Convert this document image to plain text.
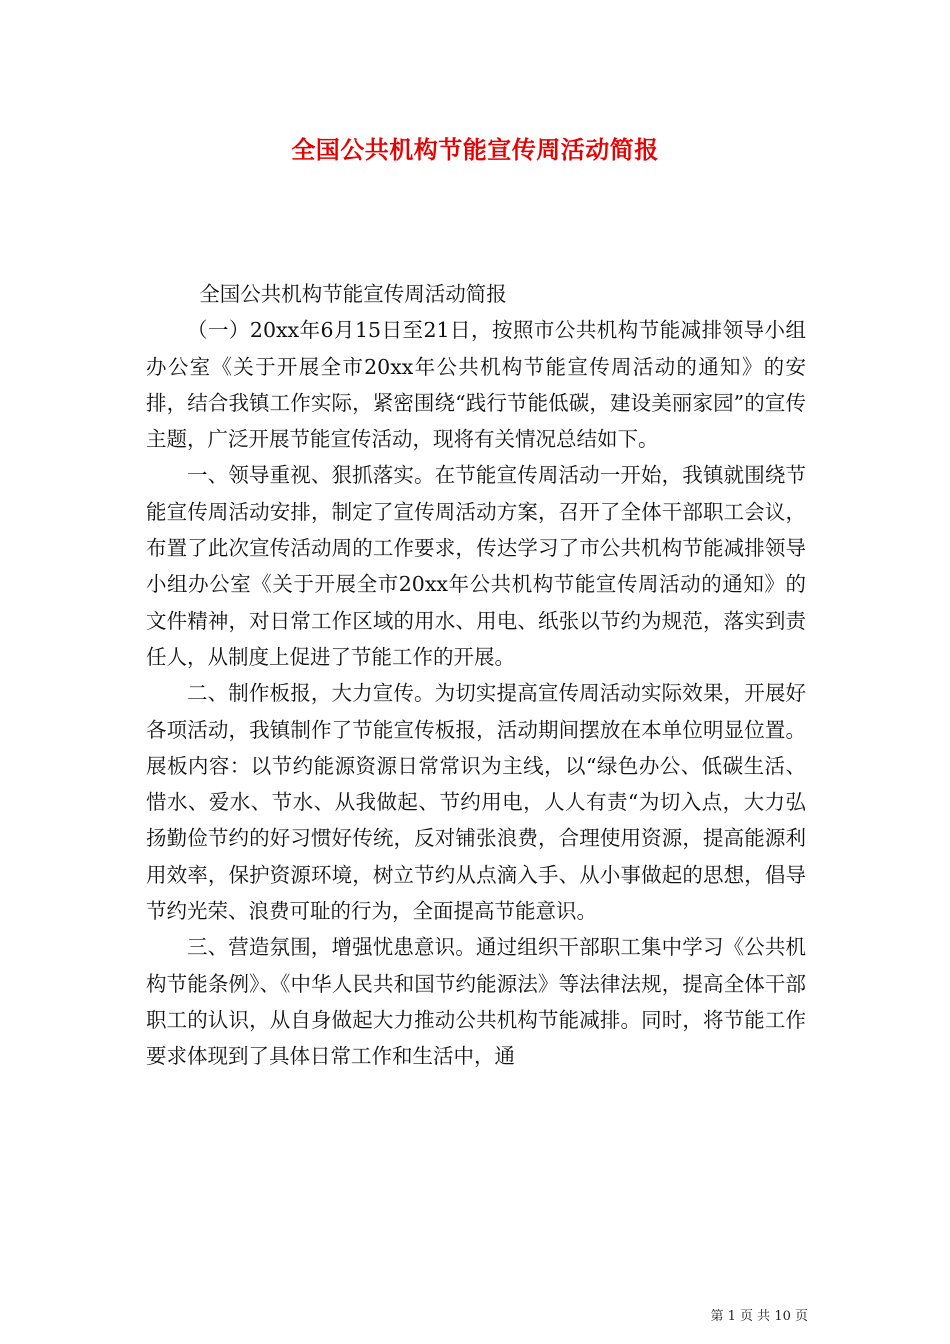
全国公共机构节能宣传周活动简报

全国公共机构节能宣传周活动简报

（一）20xx年6月15日至21日，按照市公共机构节能减排领导小组办公室《关于开展全市20xx年公共机构节能宣传周活动的通知》的安排，结合我镇工作实际，紧密围绕“践行节能低碳，建设美丽家园”的宣传主题，广泛开展节能宣传活动，现将有关情况总结如下。

一、领导重视、狠抓落实。在节能宣传周活动一开始，我镇就围绕节能宣传周活动安排，制定了宣传周活动方案，召开了全体干部职工会议，布置了此次宣传活动周的工作要求，传达学习了市公共机构节能减排领导小组办公室《关于开展全市20xx年公共机构节能宣传周活动的通知》的文件精神，对日常工作区域的用水、用电、纸张以节约为规范，落实到责任人，从制度上促进了节能工作的开展。

二、制作板报，大力宣传。为切实提高宣传周活动实际效果，开展好各项活动，我镇制作了节能宣传板报，活动期间摆放在本单位明显位置。展板内容：以节约能源资源日常常识为主线，以“绿色办公、低碳生活、惜水、爱水、节水、从我做起、节约用电，人人有责“为切入点，大力弘扬勤俭节约的好习惯好传统，反对铺张浪费，合理使用资源，提高能源利用效率，保护资源环境，树立节约从点滴入手、从小事做起的思想，倡导节约光荣、浪费可耻的行为，全面提高节能意识。

三、营造氛围，增强忧患意识。通过组织干部职工集中学习《公共机构节能条例》、《中华人民共和国节约能源法》等法律法规，提高全体干部职工的认识，从自身做起大力推动公共机构节能减排。同时，将节能工作要求体现到了具体日常工作和生活中，通

第 1 页 共 10 页
